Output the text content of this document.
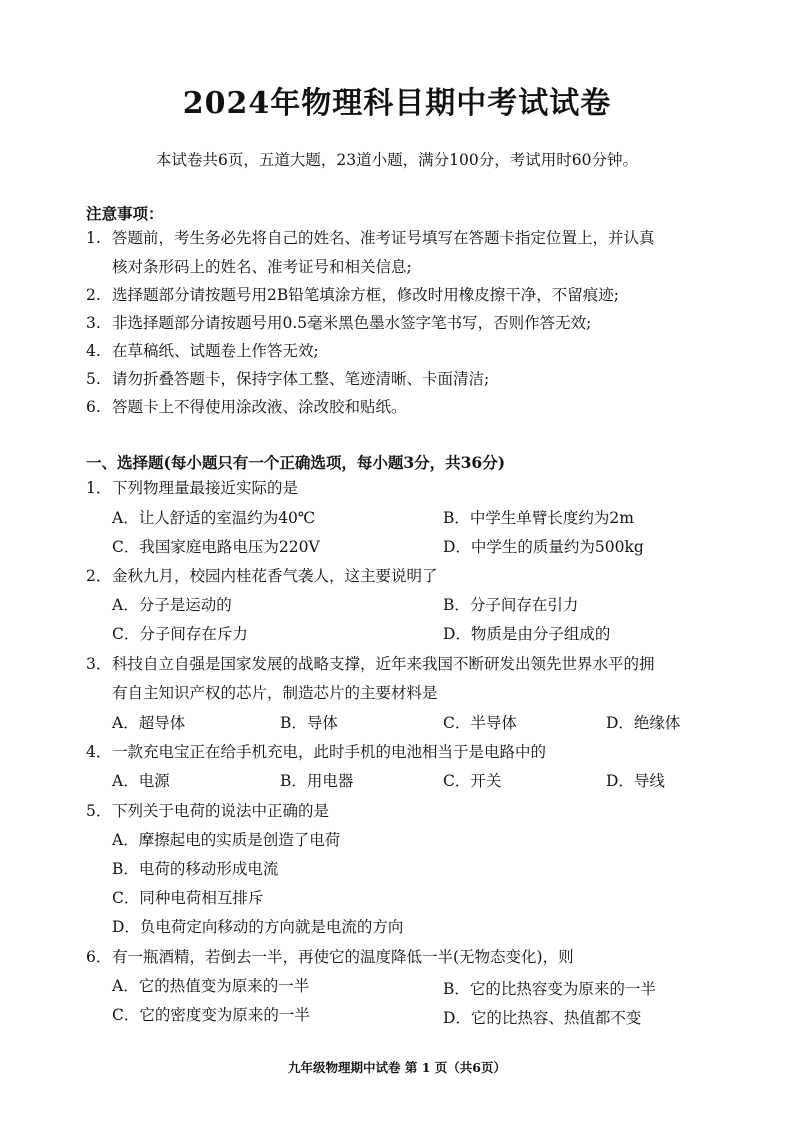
2024年物理科目期中考试试卷
本试卷共6页，五道大题，23道小题，满分100分，考试用时60分钟。
注意事项：
1. 答题前，考生务必先将自己的姓名、准考证号填写在答题卡指定位置上，并认真
核对条形码上的姓名、准考证号和相关信息;
2. 选择题部分请按题号用2B铅笔填涂方框，修改时用橡皮擦干净，不留痕迹;
3. 非选择题部分请按题号用0.5毫米黑色墨水签字笔书写，否则作答无效;
4. 在草稿纸、试题卷上作答无效;
5. 请勿折叠答题卡，保持字体工整、笔迹清晰、卡面清洁;
6. 答题卡上不得使用涂改液、涂改胶和贴纸。
一、选择题(每小题只有一个正确选项，每小题3分，共36分)
1．下列物理量最接近实际的是
A．让人舒适的室温约为40℃	B．中学生单臂长度约为2m
C．我国家庭电路电压为220V	D．中学生的质量约为500kg
2．金秋九月，校园内桂花香气袭人，这主要说明了
A．分子是运动的	B．分子间存在引力
C．分子间存在斥力	D．物质是由分子组成的
3．科技自立自强是国家发展的战略支撑，近年来我国不断研发出领先世界水平的拥
有自主知识产权的芯片，制造芯片的主要材料是
A．超导体	B．导体	C．半导体	D．绝缘体
4．一款充电宝正在给手机充电，此时手机的电池相当于是电路中的
A．电源	B．用电器	C．开关	D．导线
5．下列关于电荷的说法中正确的是
A．摩擦起电的实质是创造了电荷
B．电荷的移动形成电流
C．同种电荷相互排斥
D．负电荷定向移动的方向就是电流的方向
6．有一瓶酒精，若倒去一半，再使它的温度降低一半(无物态变化)，则
A．它的热值变为原来的一半	B．它的比热容变为原来的一半
C．它的密度变为原来的一半	D．它的比热容、热值都不变
九年级物理期中试卷 第 1 页（共6页）
